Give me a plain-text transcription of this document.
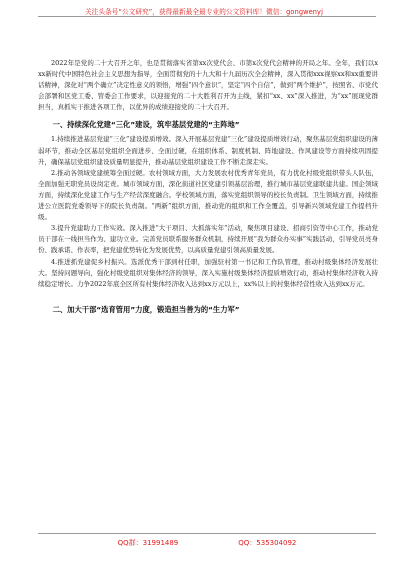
关注头条号“公文研究”，获得最新最全最专业的公文资料库！微信：gongwenyj

2022年是党的二十大召开之年，也是贯彻落实省第xx次党代会、市第x次党代会精神的开局之年。全年，我们以xxx新时代中国特色社会主义思想为指导，全面贯彻党的十九大和十九届历次全会精神，深入贯彻xxx视察xx和xx重要讲话精神，深化对“两个确立”决定性意义的领悟，增强“四个意识”，坚定“四个自信”，做到“两个维护”，按照省、市党代会部署和区党工委、管委会工作要求，以迎接党的二十大胜利召开为主线，紧扣“xx、xx”深入推进，为“xx”展现党群担当，真抓实干推进各项工作，以优异的成绩迎接党的二十大召开。

一、持续深化党建“三化”建设，筑牢基层党建的“主阵地”

1.持续推进基层党建“三化”建设提质增效。深入开展基层党建“三化”建设提质增效行动，聚焦基层党组织建设的薄弱环节，推动全区基层党组织全面进步、全面过硬，在组织体系、制度机制、阵地建设、作风建设等方面持续巩固提升，确保基层党组织建设质量明显提升，推动基层党组织建设工作不断走深走实。

2.推动各领域党建统筹全面过硬。农村领域方面，大力发展农村优秀青年党员，有力优化村级党组织带头人队伍，全面加强无职党员设岗定责。城市领域方面，深化街道社区党建引领基层治理，推行城市基层党建联建共建。国企领域方面，持续深化党建工作与生产经营深度融合。学校领域方面，落实党组织领导的校长负责制。卫生领域方面，持续推进公立医院党委领导下的院长负责制。“两新”组织方面，推动党的组织和工作全覆盖，引导新兴领域党建工作提档升级。

3.提升党建助力工作实效。深入推进“大干项目、大抓落实年”活动，聚焦项目建设、招商引资等中心工作，推动党员干部在一线担当作为、建功立业。完善党员联系服务群众机制，持续开展“我为群众办实事”实践活动，引导党员亮身份、践承诺、作表率，把党建优势转化为发展优势，以高质量党建引领高质量发展。

4.推进抓党建促乡村振兴。选派优秀干部到村任职，加强驻村第一书记和工作队管理，推动村级集体经济发展壮大。坚持问题导向，强化村级党组织对集体经济的领导，深入实施村级集体经济提质增效行动，推动村集体经济收入持续稳定增长。力争2022年底全区所有村集体经济收入达到xx万元以上，xx%以上的村集体经营性收入达到xx万元。

二、加大干部“选育管用”力度，锻造担当善为的“生力军”
QQ群：31991489	QQ：535304092
